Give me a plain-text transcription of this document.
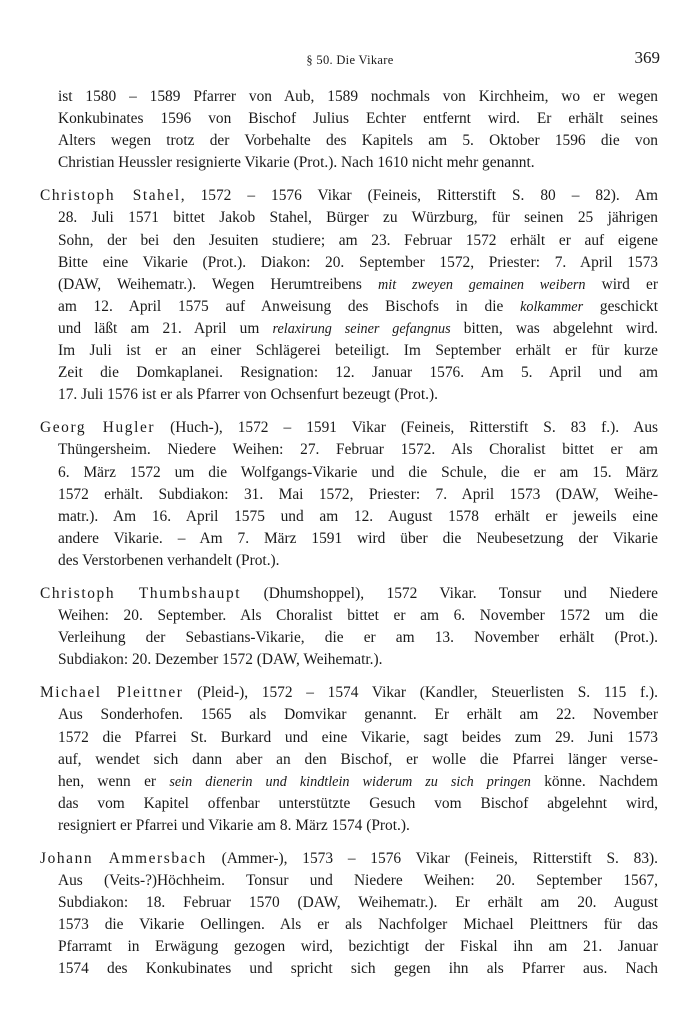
§ 50. Die Vikare	369
ist 1580 – 1589 Pfarrer von Aub, 1589 nochmals von Kirchheim, wo er wegen
Konkubinates 1596 von Bischof Julius Echter entfernt wird. Er erhält seines
Alters wegen trotz der Vorbehalte des Kapitels am 5. Oktober 1596 die von
Christian Heussler resignierte Vikarie (Prot.). Nach 1610 nicht mehr genannt.
Christoph Stahel, 1572 – 1576 Vikar (Feineis, Ritterstift S. 80 – 82). Am
28. Juli 1571 bittet Jakob Stahel, Bürger zu Würzburg, für seinen 25 jährigen
Sohn, der bei den Jesuiten studiere; am 23. Februar 1572 erhält er auf eigene
Bitte eine Vikarie (Prot.). Diakon: 20. September 1572, Priester: 7. April 1573
(DAW, Weihematr.). Wegen Herumtreibens mit zweyen gemainen weibern wird er
am 12. April 1575 auf Anweisung des Bischofs in die kolkammer geschickt
und läßt am 21. April um relaxirung seiner gefangnus bitten, was abgelehnt wird.
Im Juli ist er an einer Schlägerei beteiligt. Im September erhält er für kurze
Zeit die Domkaplanei. Resignation: 12. Januar 1576. Am 5. April und am
17. Juli 1576 ist er als Pfarrer von Ochsenfurt bezeugt (Prot.).
Georg Hugler (Huch-), 1572 – 1591 Vikar (Feineis, Ritterstift S. 83 f.). Aus
Thüngersheim. Niedere Weihen: 27. Februar 1572. Als Choralist bittet er am
6. März 1572 um die Wolfgangs-Vikarie und die Schule, die er am 15. März
1572 erhält. Subdiakon: 31. Mai 1572, Priester: 7. April 1573 (DAW, Weihe-
matr.). Am 16. April 1575 und am 12. August 1578 erhält er jeweils eine
andere Vikarie. – Am 7. März 1591 wird über die Neubesetzung der Vikarie
des Verstorbenen verhandelt (Prot.).
Christoph Thumbshaupt (Dhumshoppel), 1572 Vikar. Tonsur und Niedere
Weihen: 20. September. Als Choralist bittet er am 6. November 1572 um die
Verleihung der Sebastians-Vikarie, die er am 13. November erhält (Prot.).
Subdiakon: 20. Dezember 1572 (DAW, Weihematr.).
Michael Pleittner (Pleid-), 1572 – 1574 Vikar (Kandler, Steuerlisten S. 115 f.).
Aus Sonderhofen. 1565 als Domvikar genannt. Er erhält am 22. November
1572 die Pfarrei St. Burkard und eine Vikarie, sagt beides zum 29. Juni 1573
auf, wendet sich dann aber an den Bischof, er wolle die Pfarrei länger verse-
hen, wenn er sein dienerin und kindtlein widerum zu sich pringen könne. Nachdem
das vom Kapitel offenbar unterstützte Gesuch vom Bischof abgelehnt wird,
resigniert er Pfarrei und Vikarie am 8. März 1574 (Prot.).
Johann Ammersbach (Ammer-), 1573 – 1576 Vikar (Feineis, Ritterstift S. 83).
Aus (Veits-?)Höchheim. Tonsur und Niedere Weihen: 20. September 1567,
Subdiakon: 18. Februar 1570 (DAW, Weihematr.). Er erhält am 20. August
1573 die Vikarie Oellingen. Als er als Nachfolger Michael Pleittners für das
Pfarramt in Erwägung gezogen wird, bezichtigt der Fiskal ihn am 21. Januar
1574 des Konkubinates und spricht sich gegen ihn als Pfarrer aus. Nach
